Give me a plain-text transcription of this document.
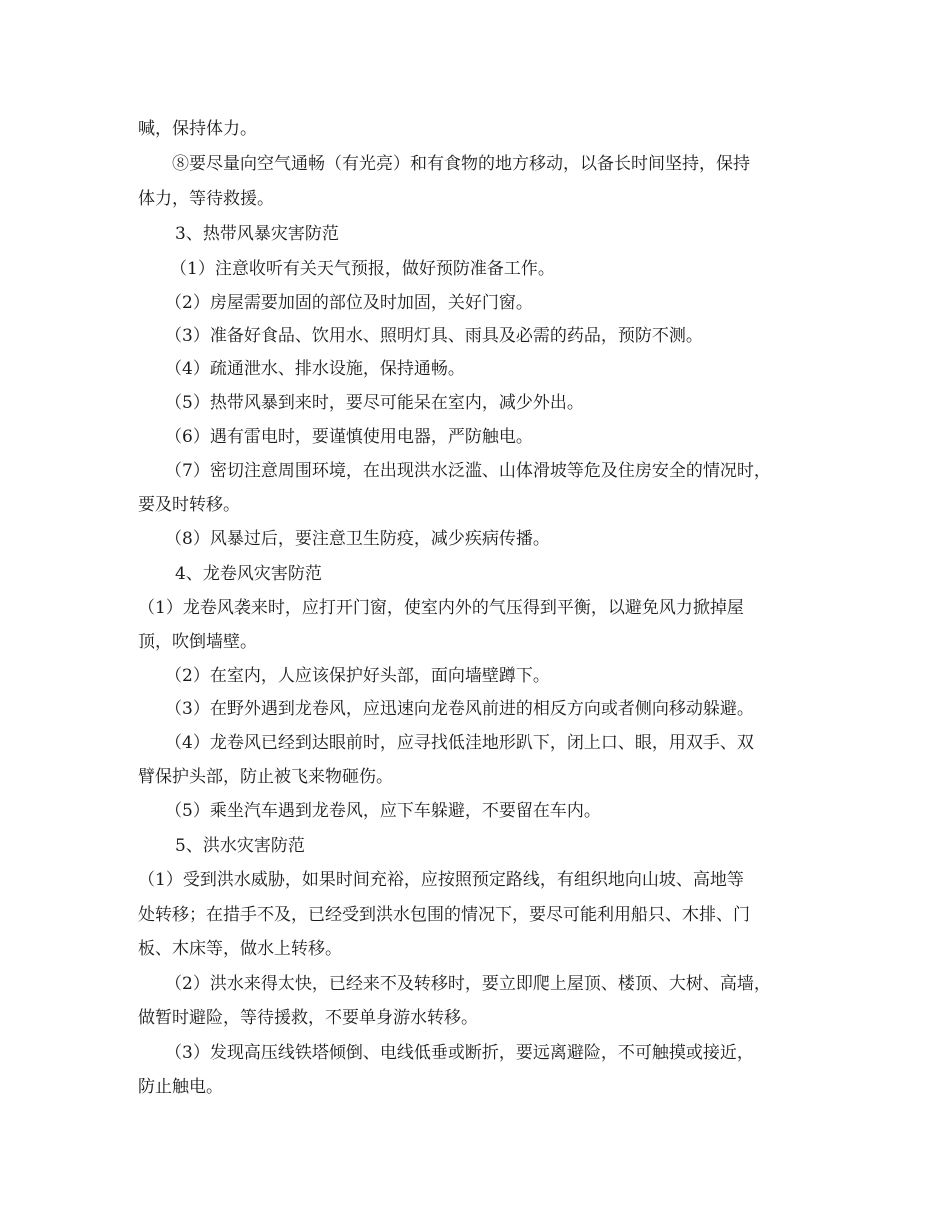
喊，保持体力。
⑧要尽量向空气通畅（有光亮）和有食物的地方移动，以备长时间坚持，保持
体力，等待救援。
3、热带风暴灾害防范
（1）注意收听有关天气预报，做好预防准备工作。
（2）房屋需要加固的部位及时加固，关好门窗。
（3）准备好食品、饮用水、照明灯具、雨具及必需的药品，预防不测。
（4）疏通泄水、排水设施，保持通畅。
（5）热带风暴到来时，要尽可能呆在室内，减少外出。
（6）遇有雷电时，要谨慎使用电器，严防触电。
（7）密切注意周围环境，在出现洪水泛滥、山体滑坡等危及住房安全的情况时，
要及时转移。
（8）风暴过后，要注意卫生防疫，减少疾病传播。
4、龙卷风灾害防范
（1）龙卷风袭来时，应打开门窗，使室内外的气压得到平衡，以避免风力掀掉屋
顶，吹倒墙壁。
（2）在室内，人应该保护好头部，面向墙壁蹲下。
（3）在野外遇到龙卷风，应迅速向龙卷风前进的相反方向或者侧向移动躲避。
（4）龙卷风已经到达眼前时，应寻找低洼地形趴下，闭上口、眼，用双手、双
臂保护头部，防止被飞来物砸伤。
（5）乘坐汽车遇到龙卷风，应下车躲避，不要留在车内。
5、洪水灾害防范
（1）受到洪水威胁，如果时间充裕，应按照预定路线，有组织地向山坡、高地等
处转移；在措手不及，已经受到洪水包围的情况下，要尽可能利用船只、木排、门
板、木床等，做水上转移。
（2）洪水来得太快，已经来不及转移时，要立即爬上屋顶、楼顶、大树、高墙，
做暂时避险，等待援救，不要单身游水转移。
（3）发现高压线铁塔倾倒、电线低垂或断折，要远离避险，不可触摸或接近，
防止触电。
